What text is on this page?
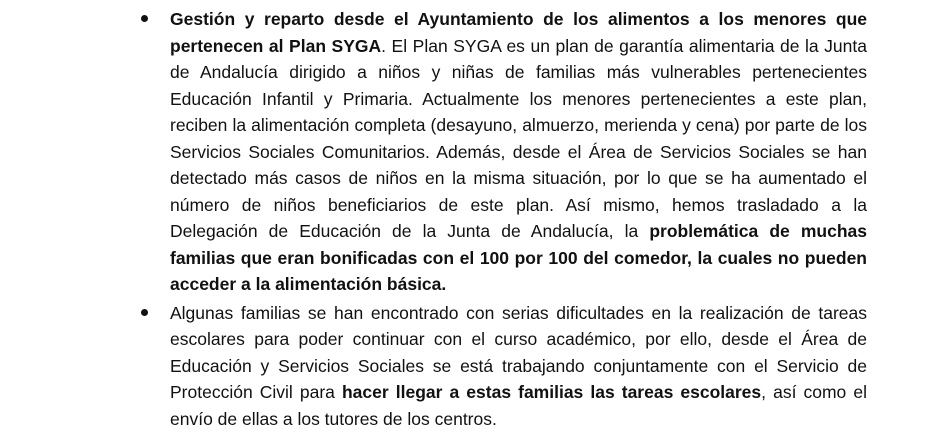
Gestión y reparto desde el Ayuntamiento de los alimentos a los menores que pertenecen al Plan SYGA. El Plan SYGA es un plan de garantía alimentaria de la Junta de Andalucía dirigido a niños y niñas de familias más vulnerables pertenecientes Educación Infantil y Primaria. Actualmente los menores pertenecientes a este plan, reciben la alimentación completa (desayuno, almuerzo, merienda y cena) por parte de los Servicios Sociales Comunitarios. Además, desde el Área de Servicios Sociales se han detectado más casos de niños en la misma situación, por lo que se ha aumentado el número de niños beneficiarios de este plan. Así mismo, hemos trasladado a la Delegación de Educación de la Junta de Andalucía, la problemática de muchas familias que eran bonificadas con el 100 por 100 del comedor, la cuales no pueden acceder a la alimentación básica.
Algunas familias se han encontrado con serias dificultades en la realización de tareas escolares para poder continuar con el curso académico, por ello, desde el Área de Educación y Servicios Sociales se está trabajando conjuntamente con el Servicio de Protección Civil para hacer llegar a estas familias las tareas escolares, así como el envío de ellas a los tutores de los centros.
